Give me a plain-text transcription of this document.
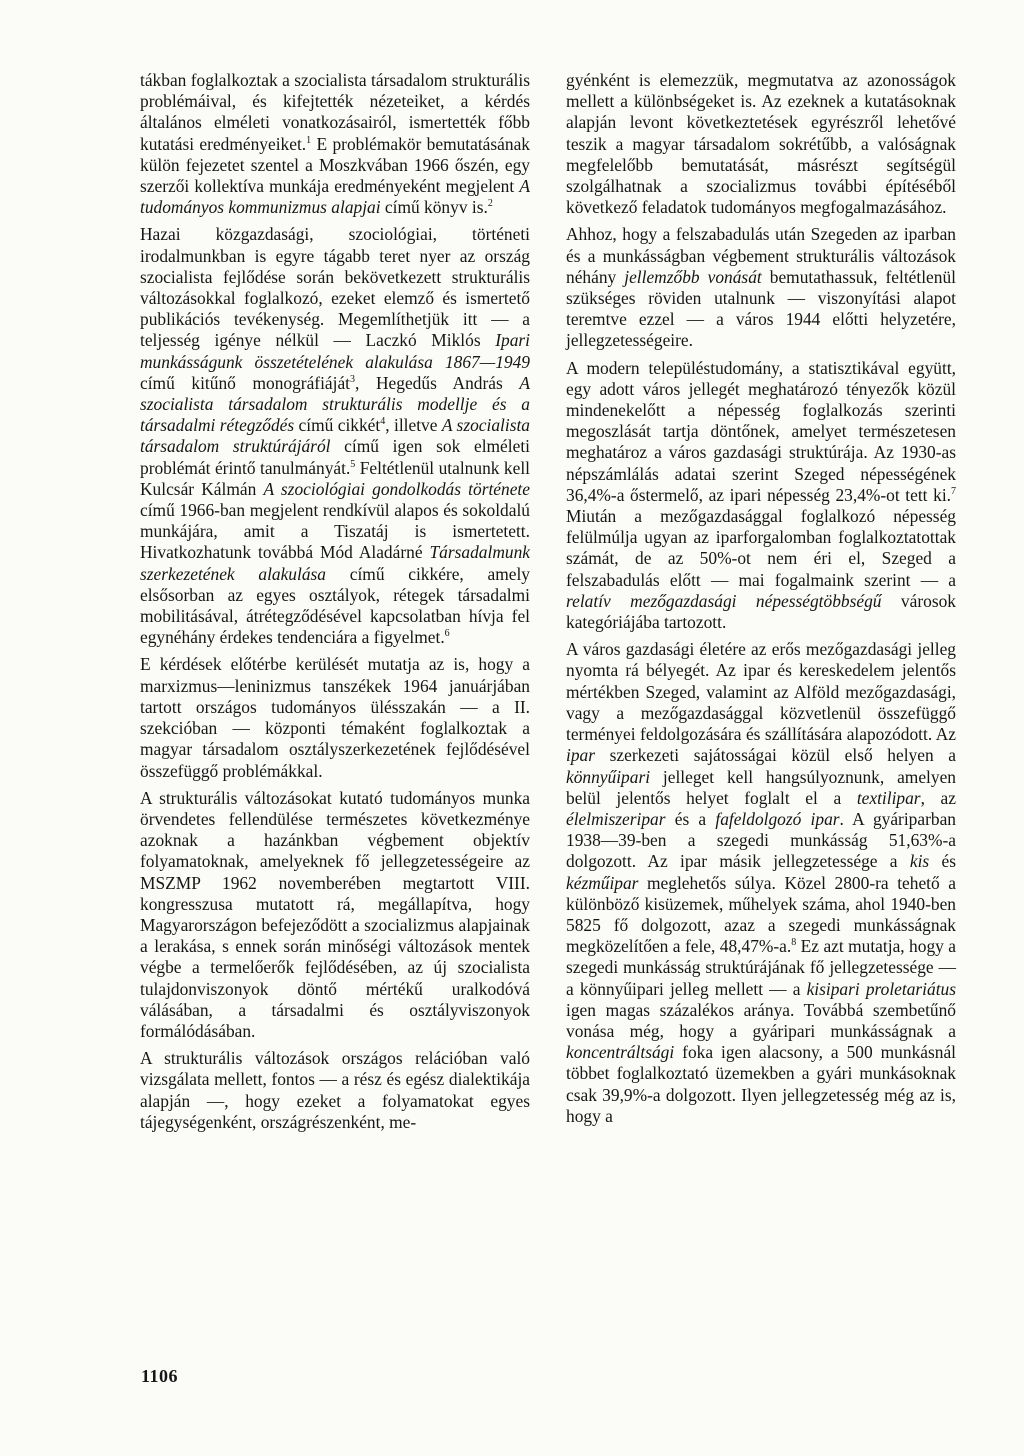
tákban foglalkoztak a szocialista társadalom strukturális problémáival, és kifejtették nézeteiket, a kérdés általános elméleti vonatkozásairól, ismertették főbb kutatási eredményeiket.$^1$ E problémakör bemutatásának külön fejezetet szentel a Moszkvában 1966 őszén, egy szerzői kollektíva munkája eredményeként megjelent A tudományos kommunizmus alapjai című könyv is.$^2$

Hazai közgazdasági, szociológiai, történeti irodalmunkban is egyre tágabb teret nyer az ország szocialista fejlődése során bekövetkezett strukturális változásokkal foglalkozó, ezeket elemző és ismertető publikációs tevékenység. Megemlíthetjük itt — a teljesség igénye nélkül — Laczkó Miklós Ipari munkásságunk összetételének alakulása 1867—1949 című kitűnő monográfiáját$^3$, Hegedűs András A szocialista társadalom strukturális modellje és a társadalmi rétegződés című cikkét$^4$, illetve A szocialista társadalom struktúrájáról című igen sok elméleti problémát érintő tanulmányát.$^5$ Feltétlenül utalnunk kell Kulcsár Kálmán A szociológiai gondolkodás története című 1966-ban megjelent rendkívül alapos és sokoldalú munkájára, amit a Tiszatáj is ismertetett. Hivatkozhatunk továbbá Mód Aladárné Társadalmunk szerkezetének alakulása című cikkére, amely elsősorban az egyes osztályok, rétegek társadalmi mobilitásával, átrétegződésével kapcsolatban hívja fel egynéhány érdekes tendenciára a figyelmet.$^6$

E kérdések előtérbe kerülését mutatja az is, hogy a marxizmus—leninizmus tanszékek 1964 januárjában tartott országos tudományos ülésszakán — a II. szekcióban — központi témaként foglalkoztak a magyar társadalom osztályszerkezetének fejlődésével összefüggő problémákkal.

A strukturális változásokat kutató tudományos munka örvendetes fellendülése természetes következménye azoknak a hazánkban végbement objektív folyamatoknak, amelyeknek fő jellegzetességeire az MSZMP 1962 novemberében megtartott VIII. kongresszusa mutatott rá, megállapítva, hogy Magyarországon befejeződött a szocializmus alapjainak a lerakása, s ennek során minőségi változások mentek végbe a termelőerők fejlődésében, az új szocialista tulajdonviszonyok döntő mértékű uralkodóvá válásában, a társadalmi és osztályviszonyok formálódásában.

A strukturális változások országos relációban való vizsgálata mellett, fontos — a rész és egész dialektikája alapján —, hogy ezeket a folyamatokat egyes tájegységenként, országrészenként, me-

gyénként is elemezzük, megmutatva az azonosságok mellett a különbségeket is. Az ezeknek a kutatásoknak alapján levont következtetések egyrészről lehetővé teszik a magyar társadalom sokrétűbb, a valóságnak megfelelőbb bemutatását, másrészt segítségül szolgálhatnak a szocializmus további építéséből következő feladatok tudományos megfogalmazásához.

Ahhoz, hogy a felszabadulás után Szegeden az iparban és a munkásságban végbement strukturális változások néhány jellemzőbb vonását bemutathassuk, feltétlenül szükséges röviden utalnunk — viszonyítási alapot teremtve ezzel — a város 1944 előtti helyzetére, jellegzetességeire.

A modern településtudomány, a statisztikával együtt, egy adott város jellegét meghatározó tényezők közül mindenekelőtt a népesség foglalkozás szerinti megoszlását tartja döntőnek, amelyet természetesen meghatároz a város gazdasági struktúrája. Az 1930-as népszámlálás adatai szerint Szeged népességének 36,4%-a őstermelő, az ipari népesség 23,4%-ot tett ki.$^7$ Miután a mezőgazdasággal foglalkozó népesség felülmúlja ugyan az iparforgalomban foglalkoztatottak számát, de az 50%-ot nem éri el, Szeged a felszabadulás előtt — mai fogalmaink szerint — a relatív mezőgazdasági népességtöbbségű városok kategóriájába tartozott.

A város gazdasági életére az erős mezőgazdasági jelleg nyomta rá bélyegét. Az ipar és kereskedelem jelentős mértékben Szeged, valamint az Alföld mezőgazdasági, vagy a mezőgazdasággal közvetlenül összefüggő terményei feldolgozására és szállítására alapozódott. Az ipar szerkezeti sajátosságai közül első helyen a könnyűipari jelleget kell hangsúlyoznunk, amelyen belül jelentős helyet foglalt el a textilipar, az élelmiszeripar és a fafeldolgozó ipar. A gyáriparban 1938—39-ben a szegedi munkásság 51,63%-a dolgozott. Az ipar másik jellegzetessége a kis és kézműipar meglehetős súlya. Közel 2800-ra tehető a különböző kisüzemek, műhelyek száma, ahol 1940-ben 5825 fő dolgozott, azaz a szegedi munkásságnak megközelítően a fele, 48,47%-a.$^8$ Ez azt mutatja, hogy a szegedi munkásság struktúrájának fő jellegzetessége — a könnyűipari jelleg mellett — a kisipari proletariátus igen magas százalékos aránya. Továbbá szembetűnő vonása még, hogy a gyáripari munkásságnak a koncentráltsági foka igen alacsony, a 500 munkásnál többet foglalkoztató üzemekben a gyári munkásoknak csak 39,9%-a dolgozott. Ilyen jellegzetesség még az is, hogy a

1106
